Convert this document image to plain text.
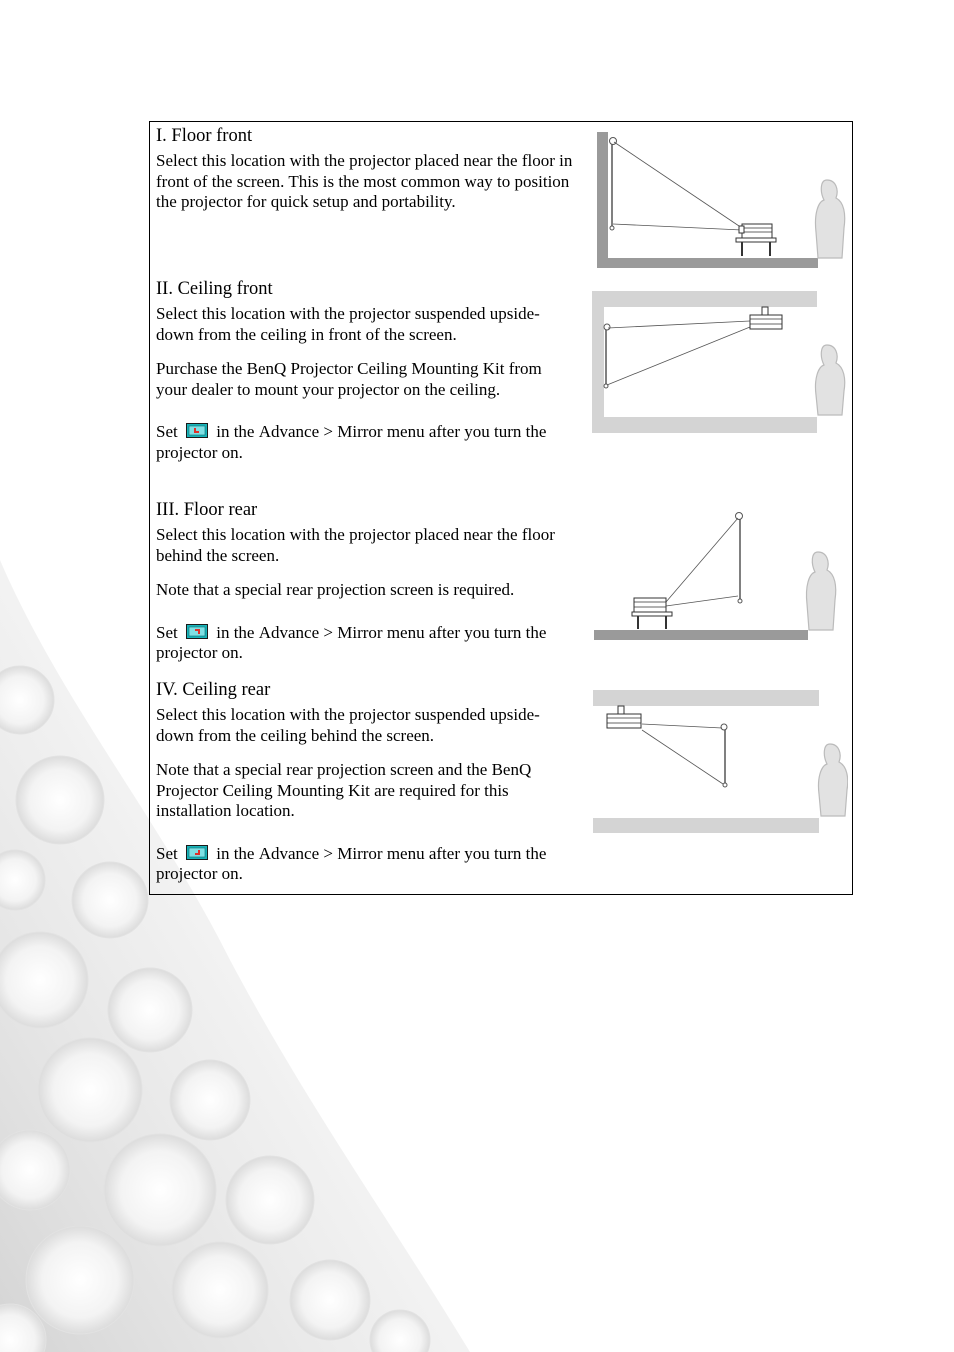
I. Floor front

Select this location with the projector placed near the floor in front of the screen. This is the most common way to position the projector for quick setup and portability.

II. Ceiling front

Select this location with the projector suspended upside-down from the ceiling in front of the screen.

Purchase the BenQ Projector Ceiling Mounting Kit from your dealer to mount your projector on the ceiling.

Set in the Advance > Mirror menu after you turn the projector on.

III. Floor rear

Select this location with the projector placed near the floor behind the screen.

Note that a special rear projection screen is required.

Set in the Advance > Mirror menu after you turn the projector on.

IV. Ceiling rear

Select this location with the projector suspended upside-down from the ceiling behind the screen.

Note that a special rear projection screen and the BenQ Projector Ceiling Mounting Kit are required for this installation location.

Set in the Advance > Mirror menu after you turn the projector on.
